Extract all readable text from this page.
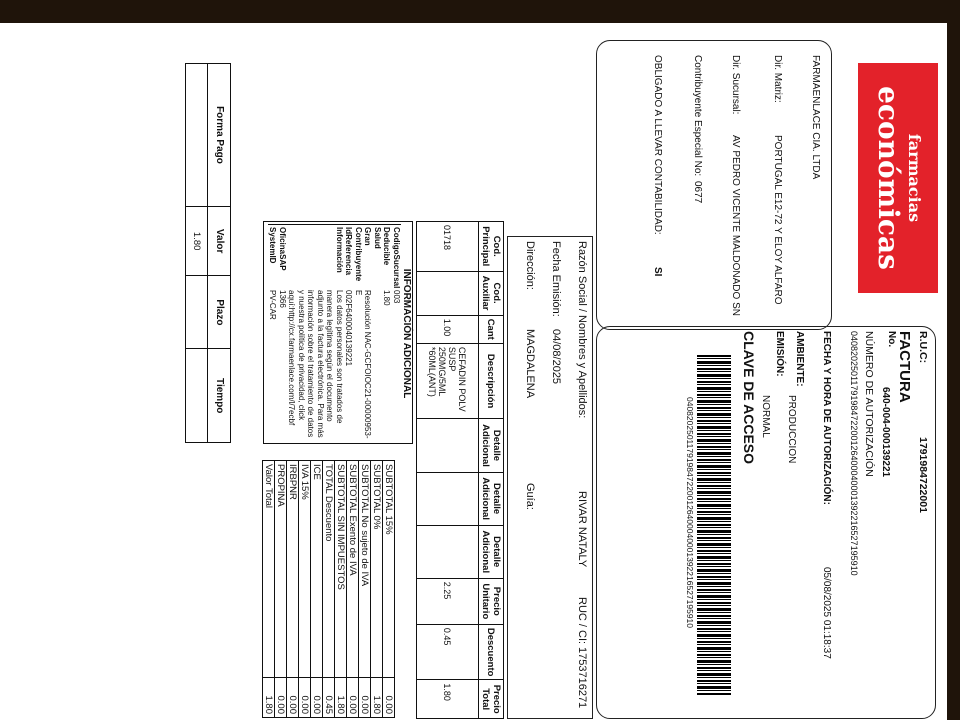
farmacias
económicas
FARMAENLACE CIA. LTDA
Dir. Matriz:
PORTUGAL E12-72 Y ELOY ALFARO
Dir. Sucursal:
AV PEDRO VICENTE MALDONADO SN
Contribuyente Especial No:
0677
OBLIGADO A LLEVAR CONTABILIDAD:
SI
R.U.C:
1791984722001
FACTURA
No.
640-004-000139221
NÚMERO DE AUTORIZACIÓN
0408202501179198472200126400040001392216527195910
FECHA Y HORA DE AUTORIZACIÓN:
05/08/2025 01:18:37
AMBIENTE:
PRODUCCION
EMISIÓN:
NORMAL
CLAVE DE ACCESO
0408202501179198472200126400040001392216527195910
Razón Social / Nombres y Apellidos:
RIVAR NATALY
RUC / CI:
1753716271
Fecha Emisión:
04/08/2025
Dirección:
MAGDALENA
Guía:
Cod. Principal	Cod. Auxiliar	Cant	Descripción	Detalle Adicional	Detalle Adicional	Detalle Adicional	Precio Unitario	Descuento	Precio Total
01718		1.00	CEFADIN POLV SUSP 250MG/5ML *60ML(ANT)				2.25	0.45	1.80
INFORMACIÓN ADICIONAL
CodigoSucursal
003
Deducible Salud
1.80
Gran Contribuyente
Resolución NAC-GCFOIOC21-00000953-E
IdReferencia
002F6400040139221
Información
Los datos personales son tratados de manera legítima según el documento adjunto a la factura electrónica. Para más información sobre el tratamiento de datos y nuestra política de privacidad, click aquí:http://cx.farmaenlace.com/l/7ecbf
OficinaSAP
1366
SystemID
PV-CAR
SUBTOTAL 15%	0.00
SUBTOTAL 0%	1.80
SUBTOTAL No sujeto de IVA	0.00
SUBTOTAL Exento de IVA	0.00
SUBTOTAL SIN IMPUESTOS	1.80
TOTAL Descuento	0.45
ICE	0.00
IVA 15%	0.00
IRBPNR	0.00
PROPINA	0.00
Valor Total	1.80
Forma Pago	Valor	Plazo	Tiempo
	1.80		
